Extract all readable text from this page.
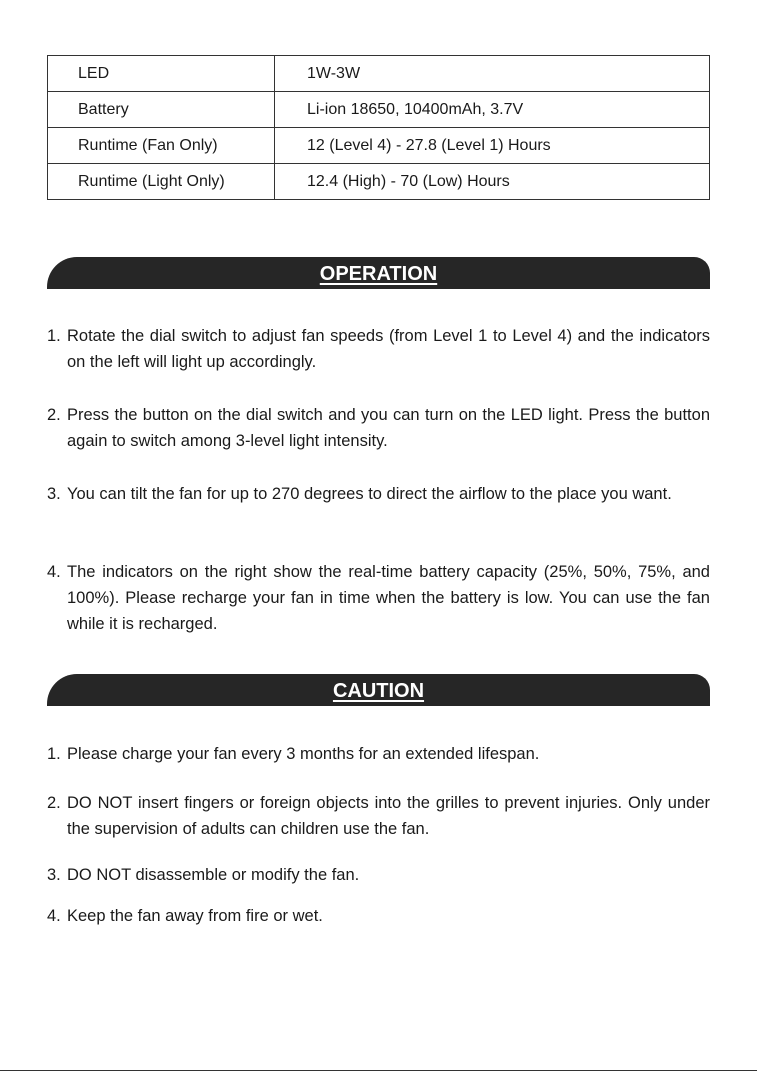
LED	1W-3W
Battery	Li-ion 18650, 10400mAh, 3.7V
Runtime (Fan Only)	12 (Level 4) - 27.8 (Level 1) Hours
Runtime (Light Only)	12.4 (High) - 70 (Low) Hours
OPERATION
1. Rotate the dial switch to adjust fan speeds (from Level 1 to Level 4) and the indicators on the left will light up accordingly.
2. Press the button on the dial switch and you can turn on the LED light. Press the button again to switch among 3-level light intensity.
3. You can tilt the fan for up to 270 degrees to direct the airflow to the place you want.
4. The indicators on the right show the real-time battery capacity (25%, 50%, 75%, and 100%). Please recharge your fan in time when the battery is low. You can use the fan while it is recharged.
CAUTION
1. Please charge your fan every 3 months for an extended lifespan.
2. DO NOT insert fingers or foreign objects into the grilles to prevent injuries. Only under the supervision of adults can children use the fan.
3. DO NOT disassemble or modify the fan.
4. Keep the fan away from fire or wet.
